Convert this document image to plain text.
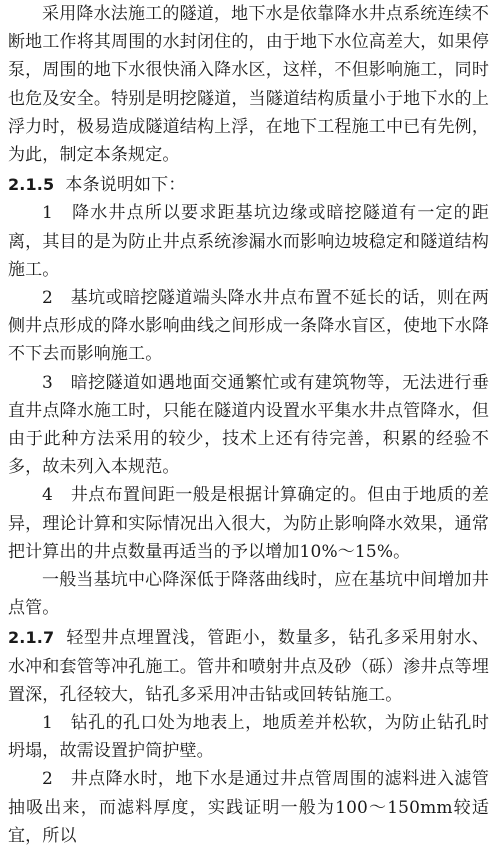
采用降水法施工的隧道，地下水是依靠降水井点系统连续不断地工作将其周围的水封闭住的，由于地下水位高差大，如果停泵，周围的地下水很快涌入降水区，这样，不但影响施工，同时也危及安全。特别是明挖隧道，当隧道结构质量小于地下水的上浮力时，极易造成隧道结构上浮，在地下工程施工中已有先例，为此，制定本条规定。

2.1.5 本条说明如下：

1　降水井点所以要求距基坑边缘或暗挖隧道有一定的距离，其目的是为防止井点系统渗漏水而影响边坡稳定和隧道结构施工。

2　基坑或暗挖隧道端头降水井点布置不延长的话，则在两侧井点形成的降水影响曲线之间形成一条降水盲区，使地下水降不下去而影响施工。

3　暗挖隧道如遇地面交通繁忙或有建筑物等，无法进行垂直井点降水施工时，只能在隧道内设置水平集水井点管降水，但由于此种方法采用的较少，技术上还有待完善，积累的经验不多，故未列入本规范。

4　井点布置间距一般是根据计算确定的。但由于地质的差异，理论计算和实际情况出入很大，为防止影响降水效果，通常把计算出的井点数量再适当的予以增加10%～15%。

一般当基坑中心降深低于降落曲线时，应在基坑中间增加井点管。

2.1.7 轻型井点埋置浅，管距小，数量多，钻孔多采用射水、水冲和套管等冲孔施工。管井和喷射井点及砂（砾）渗井点等埋置深，孔径较大，钻孔多采用冲击钻或回转钻施工。

1　钻孔的孔口处为地表上，地质差并松软，为防止钻孔时坍塌，故需设置护筒护壁。

2　井点降水时，地下水是通过井点管周围的滤料进入滤管抽吸出来，而滤料厚度，实践证明一般为100～150mm较适宜，所以
